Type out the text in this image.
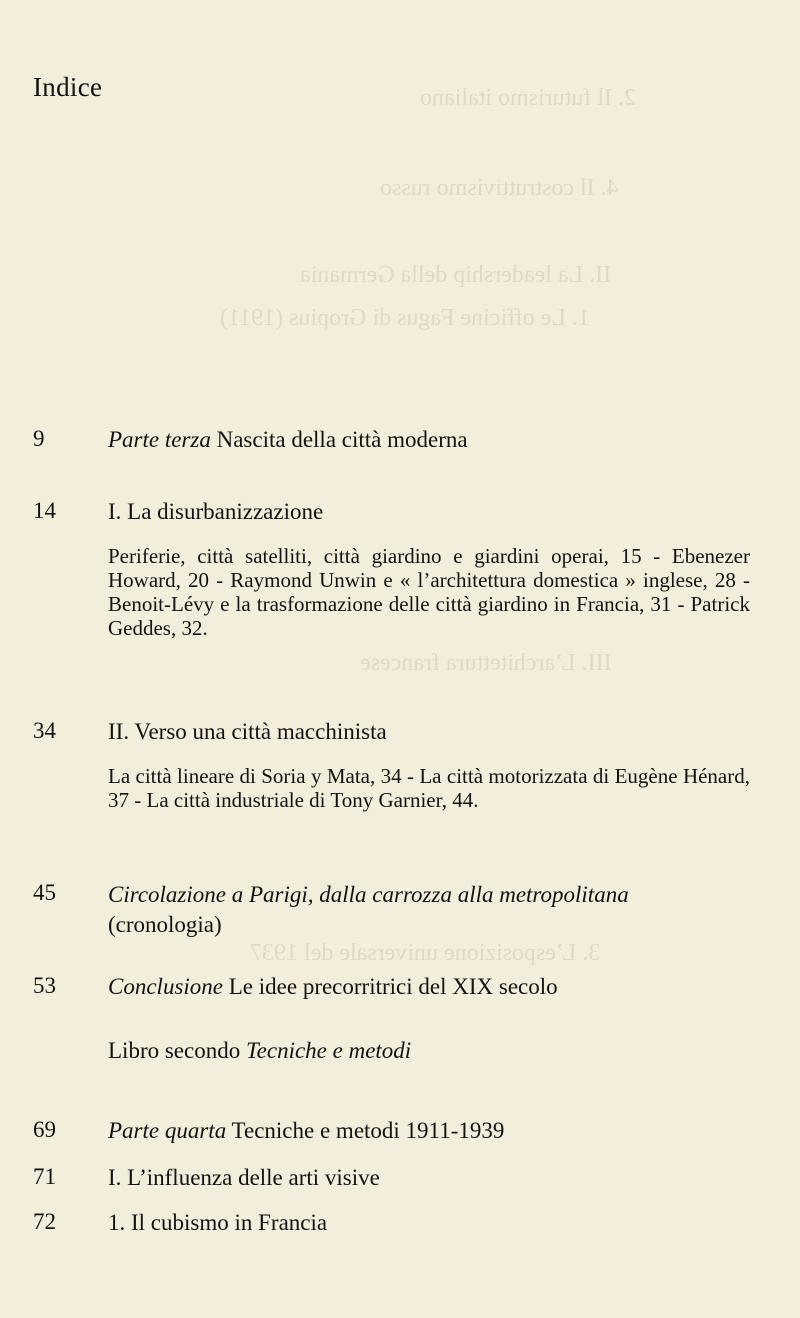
2. Il futurismo italiano
4. Il costruttivismo russo
II. La leadership della Germania
1. Le officine Fagus di Gropius (1911)
III. L’architettura francese
3. L’esposizione universale del 1937
Indice
9	Parte terza Nascita della città moderna
14	I. La disurbanizzazione
Periferie, città satelliti, città giardino e giardini operai, 15 - Ebenezer Howard, 20 - Raymond Unwin e « l’architettura domestica » inglese, 28 - Benoit-Lévy e la trasformazione delle città giardino in Francia, 31 - Patrick Geddes, 32.
34	II. Verso una città macchinista
La città lineare di Soria y Mata, 34 - La città motorizzata di Eugène Hénard, 37 - La città industriale di Tony Garnier, 44.
45	Circolazione a Parigi, dalla carrozza alla metropolitana
(cronologia)
53	Conclusione Le idee precorritrici del XIX secolo
Libro secondo Tecniche e metodi
69	Parte quarta Tecniche e metodi 1911-1939
71	I. L’influenza delle arti visive
72	1. Il cubismo in Francia
